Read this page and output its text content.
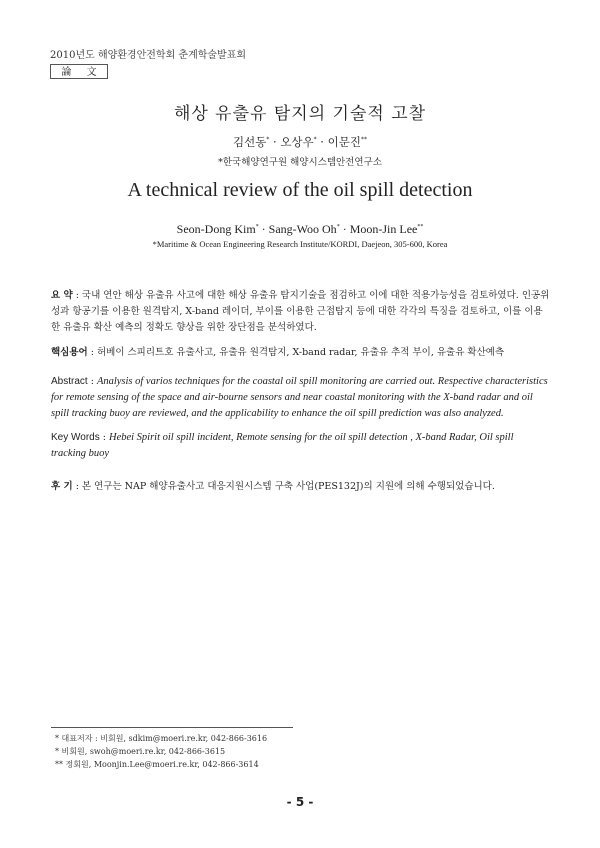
2010년도 해양환경안전학회 춘계학술발표회
論 文
해상 유출유 탐지의 기술적 고찰
김선동* · 오상우* · 이문진**
*한국해양연구원 해양시스템안전연구소
A technical review of the oil spill detection
Seon-Dong Kim* · Sang-Woo Oh* · Moon-Jin Lee**
*Maritime & Ocean Engineering Research Institute/KORDI, Daejeon, 305-600, Korea
요 약 : 국내 연안 해상 유출유 사고에 대한 해상 유출유 탐지기술을 점검하고 이에 대한 적용가능성을 검토하였다. 인공위성과 항공기를 이용한 원격탐지, X-band 레이더, 부이를 이용한 근접탐지 등에 대한 각각의 특징을 검토하고, 이를 이용한 유출유 확산 예측의 정확도 향상을 위한 장단점을 분석하였다.
핵심용어 : 허베이 스피리트호 유출사고, 유출유 원격탐지, X-band radar, 유출유 추적 부이, 유출유 확산예측
Abstract : Analysis of varios techniques for the coastal oil spill monitoring are carried out. Respective characteristics for remote sensing of the space and air-bourne sensors and near coastal monitoring with the X-band radar and oil spill tracking buoy are reviewed, and the applicability to enhance the oil spill prediction was also analyzed.
Key Words : Hebei Spirit oil spill incident, Remote sensing for the oil spill detection , X-band Radar, Oil spill tracking buoy
후 기 : 본 연구는 NAP 해양유출사고 대응지원시스템 구축 사업(PES132J)의 지원에 의해 수행되었습니다.
* 대표저자 : 비회원, sdkim@moeri.re.kr, 042-866-3616
* 비회원, swoh@moeri.re.kr, 042-866-3615
** 정회원, Moonjin.Lee@moeri.re.kr, 042-866-3614
- 5 -
